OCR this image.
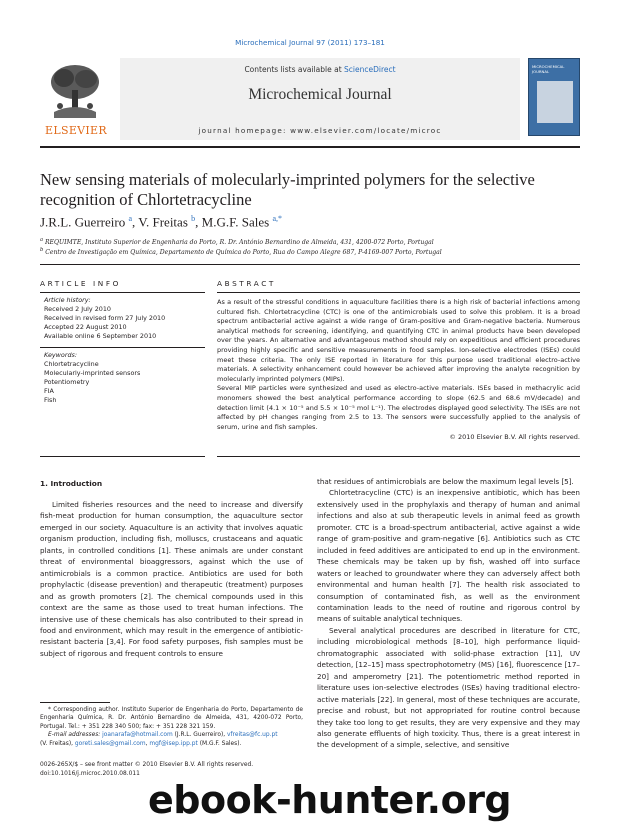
Microchemical Journal 97 (2011) 173–181
ELSEVIER
Contents lists available at ScienceDirect
Microchemical Journal
journal homepage: www.elsevier.com/locate/microc
MICROCHEMICAL JOURNAL
New sensing materials of molecularly-imprinted polymers for the selective recognition of Chlortetracycline
J.R.L. Guerreiro $^a$, V. Freitas $^b$, M.G.F. Sales $^{a,*}$
$^a$ REQUIMTE, Instituto Superior de Engenharia do Porto, R. Dr. António Bernardino de Almeida, 431, 4200-072 Porto, Portugal
$^b$ Centro de Investigação em Química, Departamento de Química do Porto, Rua do Campo Alegre 687, P-4169-007 Porto, Portugal
ARTICLE INFO
Article history:
Received 2 July 2010
Received in revised form 27 July 2010
Accepted 22 August 2010
Available online 6 September 2010
Keywords:
Chlortetracycline
Molecularly-imprinted sensors
Potentiometry
FIA
Fish
ABSTRACT
As a result of the stressful conditions in aquaculture facilities there is a high risk of bacterial infections among cultured fish. Chlortetracycline (CTC) is one of the antimicrobials used to solve this problem. It is a broad spectrum antibacterial active against a wide range of Gram-positive and Gram-negative bacteria. Numerous analytical methods for screening, identifying, and quantifying CTC in animal products have been developed over the years. An alternative and advantageous method should rely on expeditious and efficient procedures providing highly specific and sensitive measurements in food samples. Ion-selective electrodes (ISEs) could meet these criteria. The only ISE reported in literature for this purpose used traditional electro-active materials. A selectivity enhancement could however be achieved after improving the analyte recognition by molecularly imprinted polymers (MIPs).
Several MIP particles were synthesized and used as electro-active materials. ISEs based in methacrylic acid monomers showed the best analytical performance according to slope (62.5 and 68.6 mV/decade) and detection limit (4.1 × 10⁻⁵ and 5.5 × 10⁻⁵ mol L⁻¹). The electrodes displayed good selectivity. The ISEs are not affected by pH changes ranging from 2.5 to 13. The sensors were successfully applied to the analysis of serum, urine and fish samples.
© 2010 Elsevier B.V. All rights reserved.
1. Introduction

Limited fisheries resources and the need to increase and diversify fish-meat production for human consumption, the aquaculture sector emerged in our society. Aquaculture is an activity that involves aquatic organism production, including fish, molluscs, crustaceans and aquatic plants, in controlled conditions [1]. These animals are under constant threat of environmental bioaggressors, against which the use of antimicrobials is a common practice. Antibiotics are used for both prophylactic (disease prevention) and therapeutic (treatment) purposes and as growth promoters [2]. The chemical compounds used in this context are the same as those used to treat human infections. The intensive use of these chemicals has also contributed to their spread in food and environment, which may result in the emergence of antibiotic-resistant bacteria [3,4]. For food safety purposes, fish samples must be subject of rigorous and frequent controls to ensure

that residues of antimicrobials are below the maximum legal levels [5].

Chlortetracycline (CTC) is an inexpensive antibiotic, which has been extensively used in the prophylaxis and therapy of human and animal infections and also at sub therapeutic levels in animal feed as growth promoter. CTC is a broad-spectrum antibacterial, active against a wide range of gram-positive and gram-negative [6]. Antibiotics such as CTC included in feed additives are anticipated to end up in the environment. These chemicals may be taken up by fish, washed off into surface waters or leached to groundwater where they can adversely affect both environmental and human health [7]. The health risk associated to consumption of contaminated fish, as well as the environment contamination leads to the need of routine and rigorous control by means of suitable analytical techniques.

Several analytical procedures are described in literature for CTC, including microbiological methods [8–10], high performance liquid-chromatographic associated with solid-phase extraction [11], UV detection, [12–15] mass spectrophotometry (MS) [16], fluorescence [17–20] and amperometry [21]. The potentiometric method reported in literature uses ion-selective electrodes (ISEs) having traditional electro-active materials [22]. In general, most of these techniques are accurate, precise and robust, but not appropriated for routine control because they take too long to get results, they are very expensive and they may also generate effluents of high toxicity. Thus, there is a great interest in the development of a simple, selective, and sensitive

* Corresponding author. Instituto Superior de Engenharia do Porto, Departamento de Engenharia Química, R. Dr. António Bernardino de Almeida, 431, 4200-072 Porto, Portugal. Tel.: + 351 228 340 500; fax: + 351 228 321 159.
E-mail addresses: joanarafa@hotmail.com (J.R.L. Guerreiro), vfreitas@fc.up.pt
(V. Freitas), goreti.sales@gmail.com, mgf@isep.ipp.pt (M.G.F. Sales).
0026-265X/$ – see front matter © 2010 Elsevier B.V. All rights reserved.
doi:10.1016/j.microc.2010.08.011
ebook-hunter.org
